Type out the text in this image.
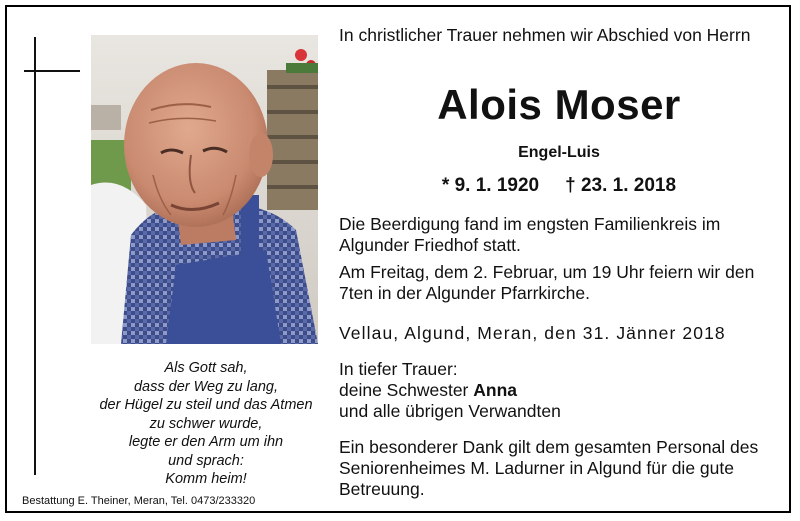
Als Gott sah,
dass der Weg zu lang,
der Hügel zu steil und das Atmen
zu schwer wurde,
legte er den Arm um ihn
und sprach:
Komm heim!
Bestattung E. Theiner, Meran, Tel. 0473/233320
In christlicher Trauer nehmen wir Abschied von Herrn
Alois Moser
Engel-Luis
* 9. 1. 1920 † 23. 1. 2018
Die Beerdigung fand im engsten Familienkreis im Algunder Friedhof statt.
Am Freitag, dem 2. Februar, um 19 Uhr feiern wir den 7ten in der Algunder Pfarrkirche.
Vellau, Algund, Meran, den 31. Jänner 2018
In tiefer Trauer:
deine Schwester Anna
und alle übrigen Verwandten
Ein besonderer Dank gilt dem gesamten Personal des Seniorenheimes M. Ladurner in Algund für die gute Betreuung.
